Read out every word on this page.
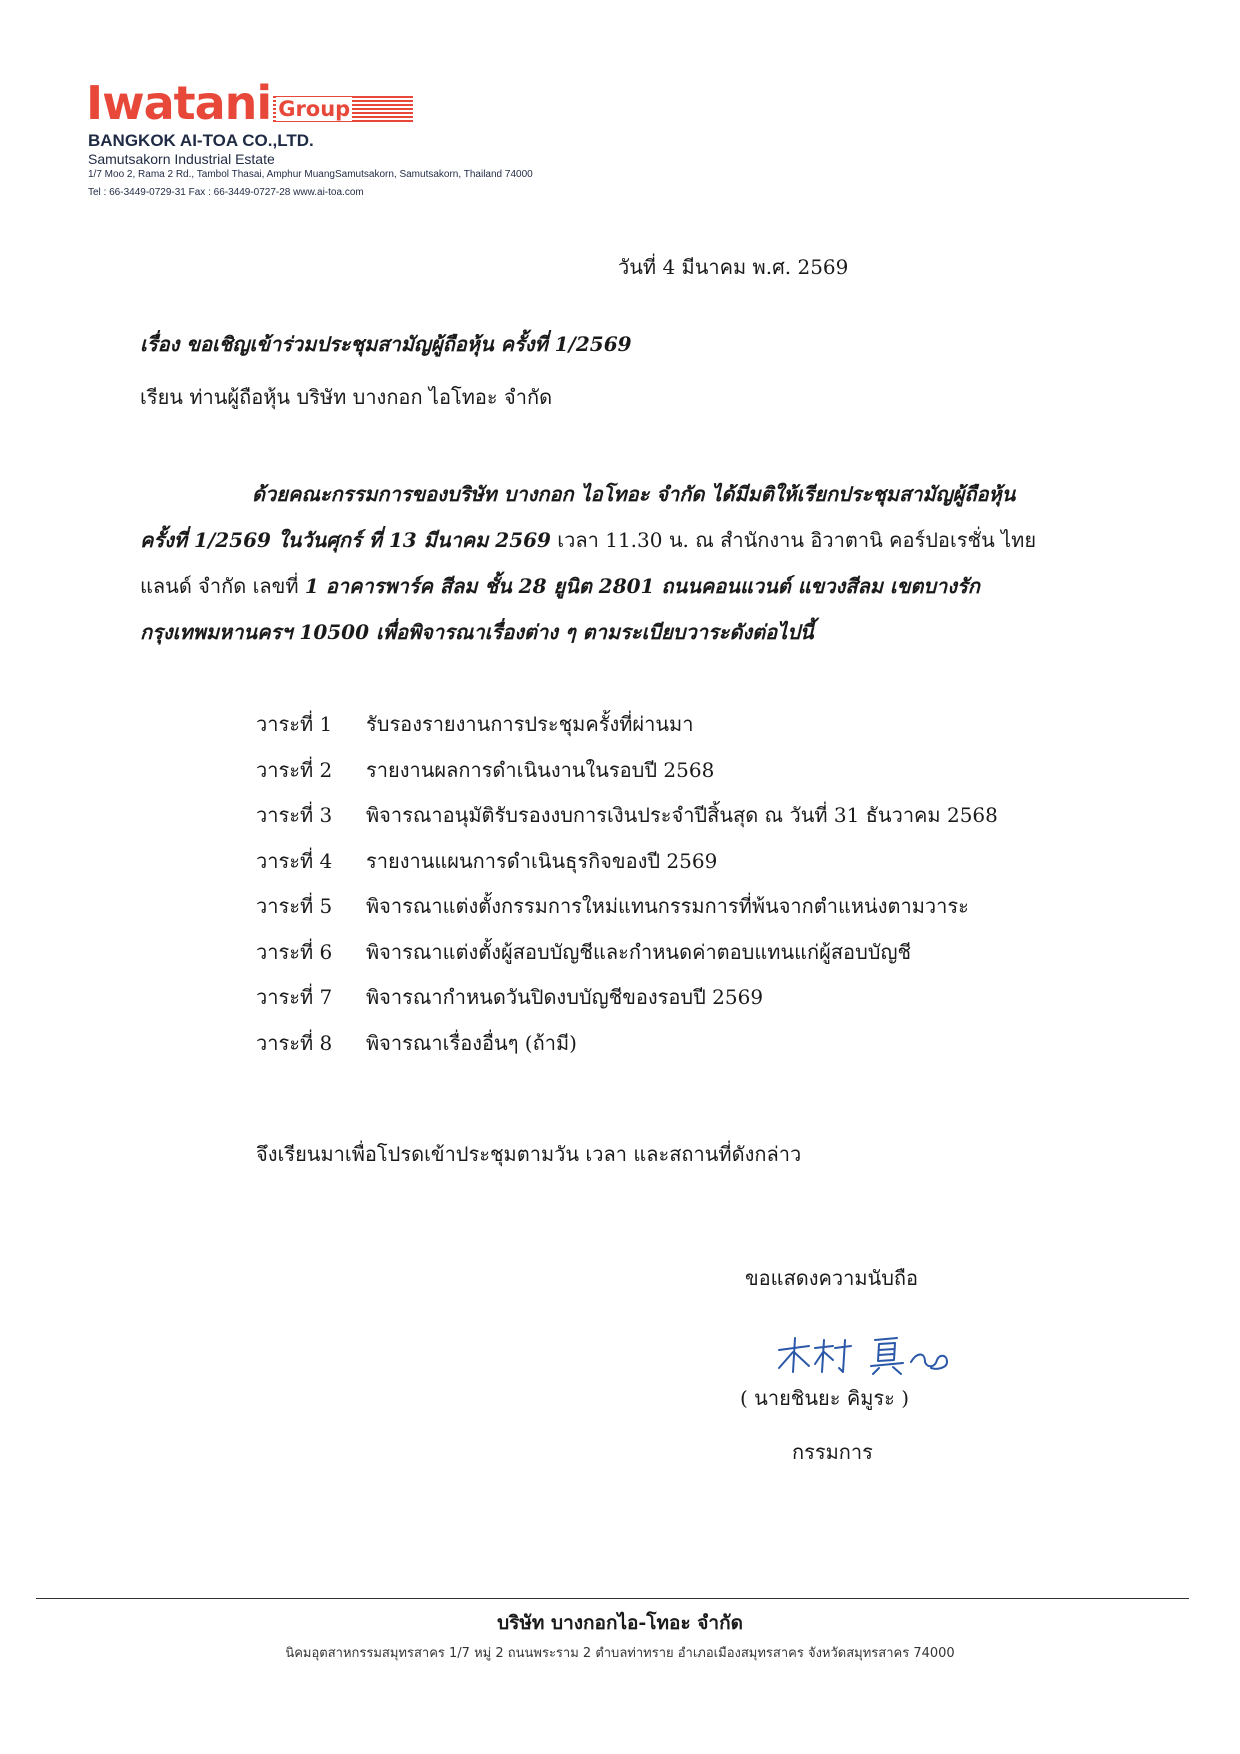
Iwatani Group
BANGKOK AI-TOA CO.,LTD.
Samutsakorn Industrial Estate
1/7 Moo 2, Rama 2 Rd., Tambol Thasai, Amphur MuangSamutsakorn, Samutsakorn, Thailand 74000
Tel : 66-3449-0729-31 Fax : 66-3449-0727-28 www.ai-toa.com
วันที่ 4 มีนาคม พ.ศ. 2569
เรื่อง ขอเชิญเข้าร่วมประชุมสามัญผู้ถือหุ้น ครั้งที่ 1/2569
เรียน ท่านผู้ถือหุ้น บริษัท บางกอก ไอโทอะ จำกัด
ด้วยคณะกรรมการของบริษัท บางกอก ไอโทอะ จำกัด ได้มีมติให้เรียกประชุมสามัญผู้ถือหุ้น
ครั้งที่ 1/2569 ในวันศุกร์ ที่ 13 มีนาคม 2569 เวลา 11.30 น. ณ สำนักงาน อิวาตานิ คอร์ปอเรชั่น ไทย
แลนด์ จำกัด เลขที่ 1 อาคารพาร์ค สีลม ชั้น 28 ยูนิต 2801 ถนนคอนแวนต์ แขวงสีลม เขตบางรัก
กรุงเทพมหานครฯ 10500 เพื่อพิจารณาเรื่องต่าง ๆ ตามระเบียบวาระดังต่อไปนี้
วาระที่ 1	รับรองรายงานการประชุมครั้งที่ผ่านมา
วาระที่ 2	รายงานผลการดำเนินงานในรอบปี 2568
วาระที่ 3	พิจารณาอนุมัติรับรองงบการเงินประจำปีสิ้นสุด ณ วันที่ 31 ธันวาคม 2568
วาระที่ 4	รายงานแผนการดำเนินธุรกิจของปี 2569
วาระที่ 5	พิจารณาแต่งตั้งกรรมการใหม่แทนกรรมการที่พ้นจากตำแหน่งตามวาระ
วาระที่ 6	พิจารณาแต่งตั้งผู้สอบบัญชีและกำหนดค่าตอบแทนแก่ผู้สอบบัญชี
วาระที่ 7	พิจารณากำหนดวันปิดงบบัญชีของรอบปี 2569
วาระที่ 8	พิจารณาเรื่องอื่นๆ (ถ้ามี)
จึงเรียนมาเพื่อโปรดเข้าประชุมตามวัน เวลา และสถานที่ดังกล่าว
ขอแสดงความนับถือ
( นายชินยะ คิมูระ )
กรรมการ
บริษัท บางกอกไอ-โทอะ จำกัด
นิคมอุตสาหกรรมสมุทรสาคร 1/7 หมู่ 2 ถนนพระราม 2 ตำบลท่าทราย อำเภอเมืองสมุทรสาคร จังหวัดสมุทรสาคร 74000
